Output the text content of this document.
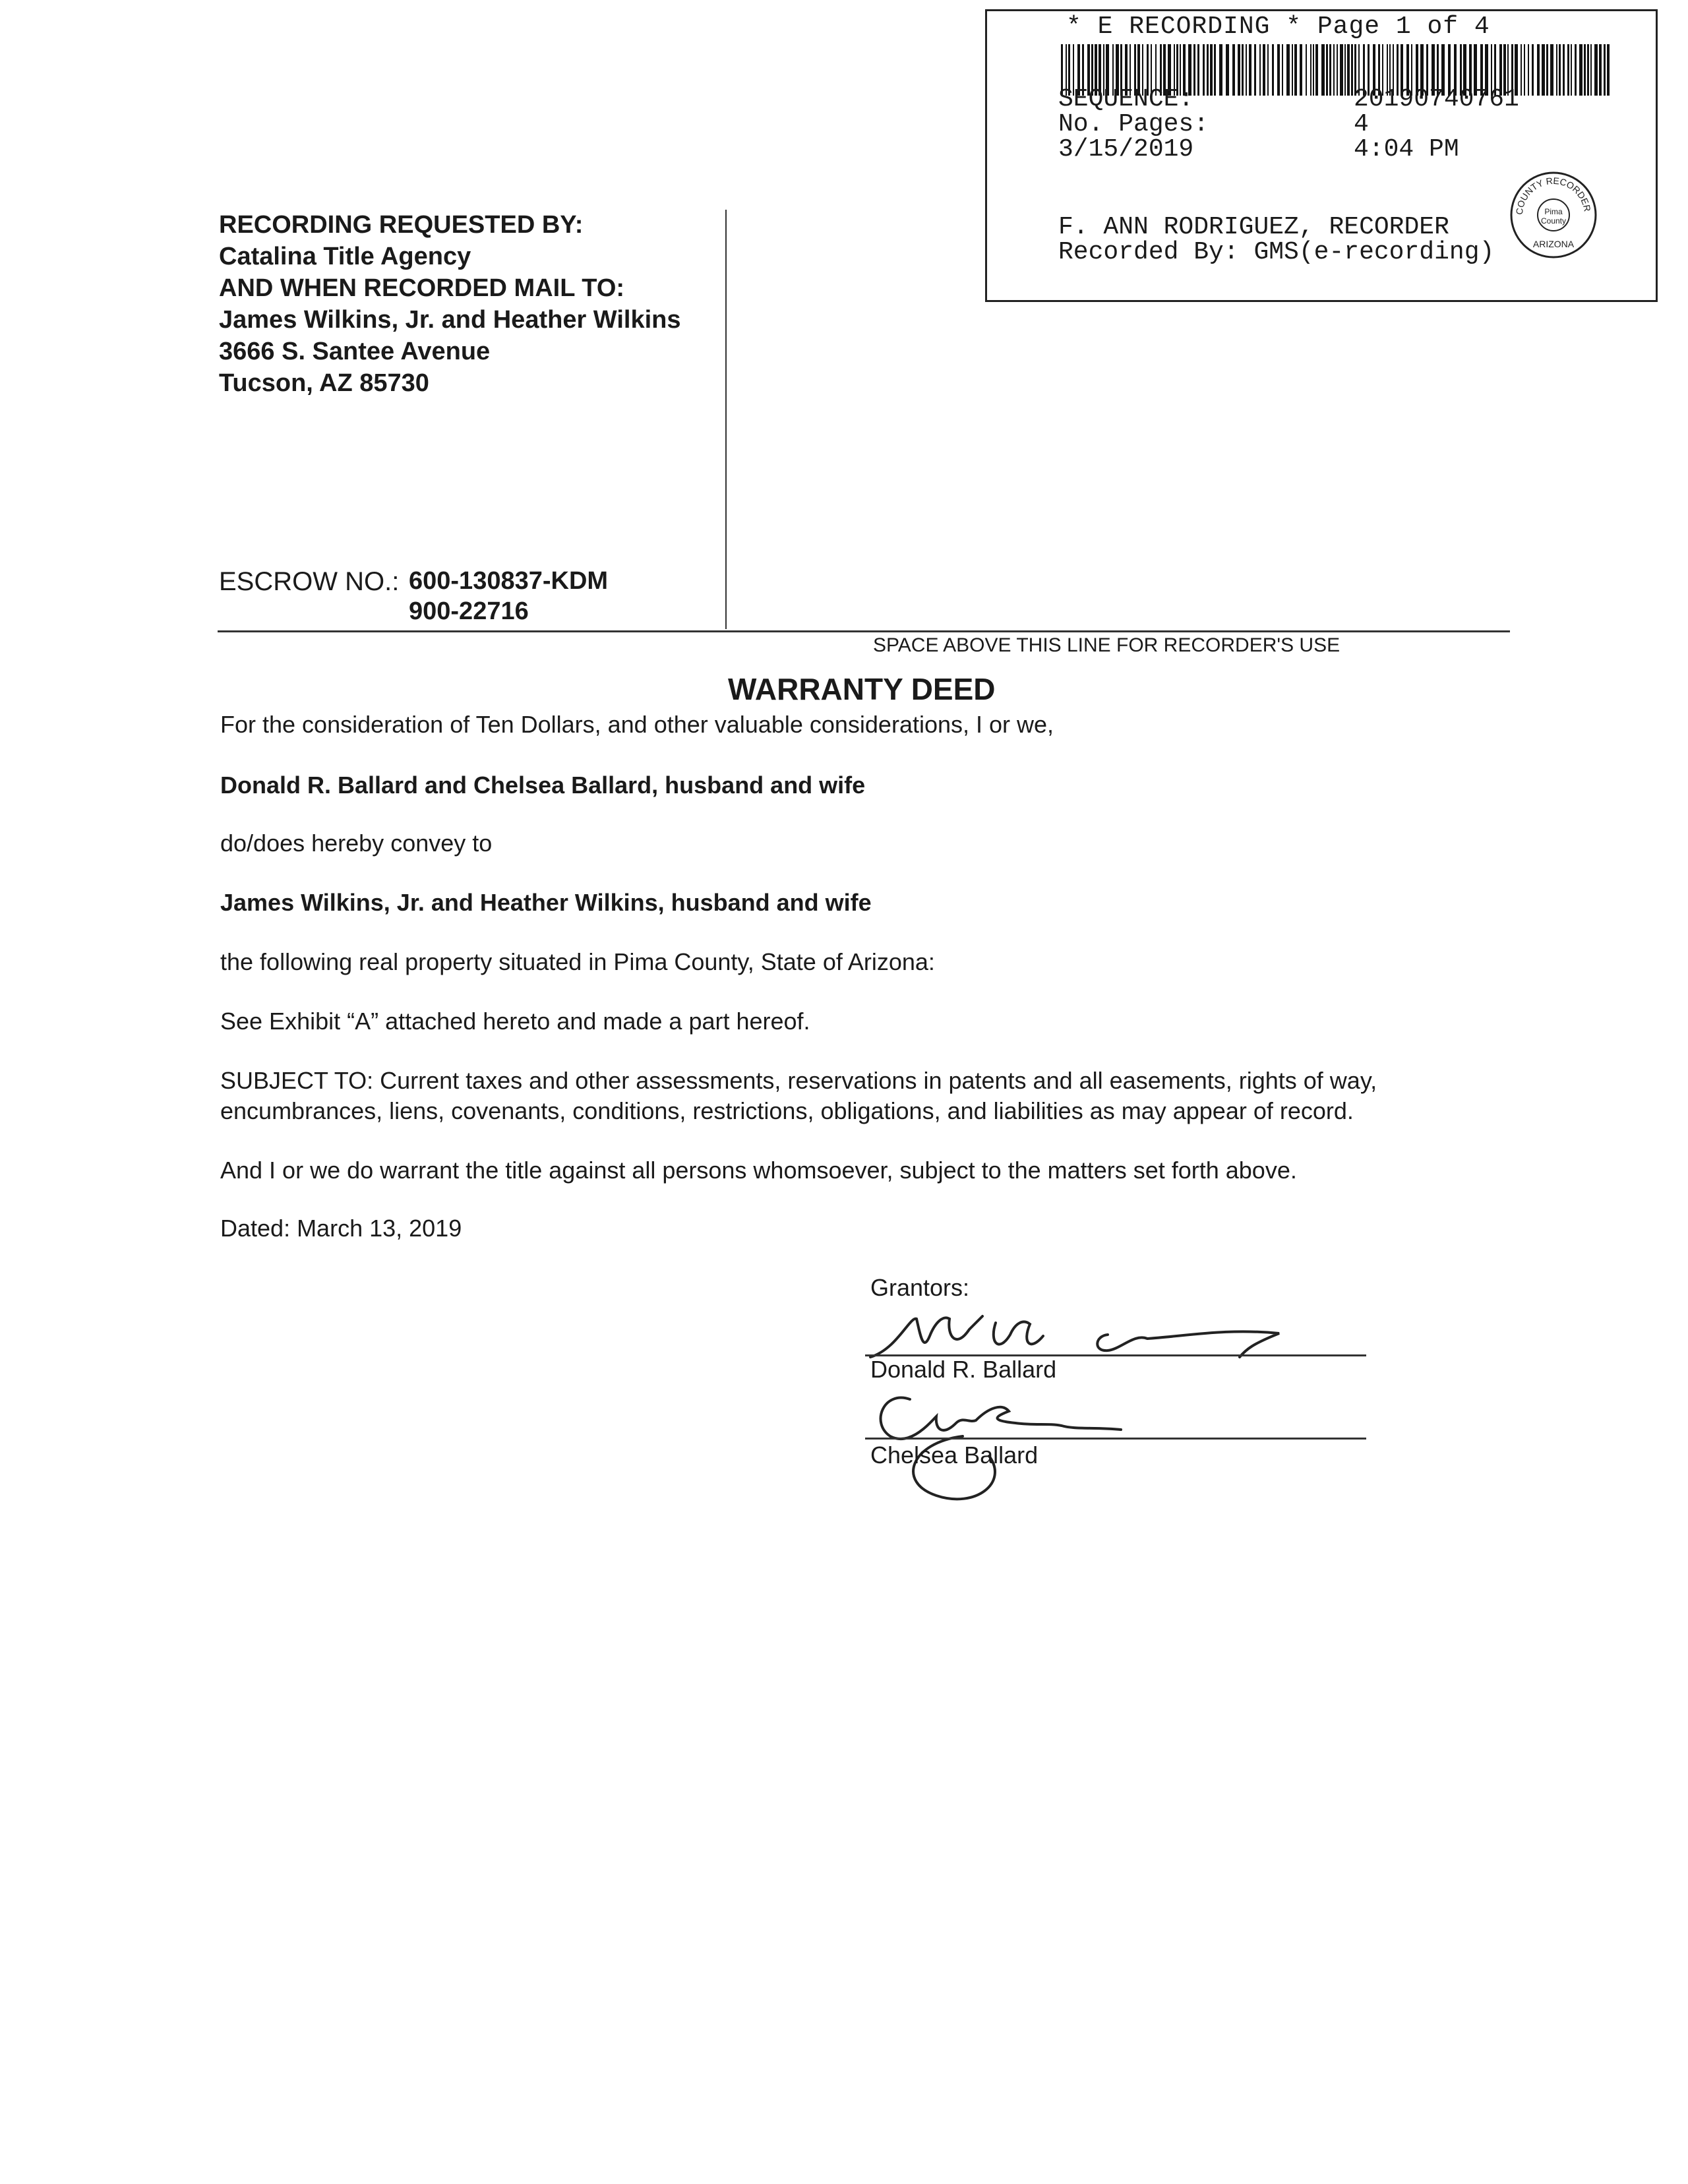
* E RECORDING * Page 1 of 4
SEQUENCE:	20190740761
No. Pages:	4
3/15/2019	4:04 PM
F. ANN RODRIGUEZ, RECORDER
Recorded By: GMS(e-recording)
COUNTY RECORDER
Pima
County
ARIZONA
RECORDING REQUESTED BY:
Catalina Title Agency
AND WHEN RECORDED MAIL TO:
James Wilkins, Jr. and Heather Wilkins
3666 S. Santee Avenue
Tucson, AZ 85730
ESCROW NO.: 600-130837-KDM
900-22716
SPACE ABOVE THIS LINE FOR RECORDER'S USE
WARRANTY DEED
For the consideration of Ten Dollars, and other valuable considerations, I or we,
Donald R. Ballard and Chelsea Ballard, husband and wife
do/does hereby convey to
James Wilkins, Jr. and Heather Wilkins, husband and wife
the following real property situated in Pima County, State of Arizona:
See Exhibit “A” attached hereto and made a part hereof.
SUBJECT TO: Current taxes and other assessments, reservations in patents and all easements, rights of way,
encumbrances, liens, covenants, conditions, restrictions, obligations, and liabilities as may appear of record.
And I or we do warrant the title against all persons whomsoever, subject to the matters set forth above.
Dated: March 13, 2019
Grantors:
Donald R. Ballard
Chelsea Ballard
